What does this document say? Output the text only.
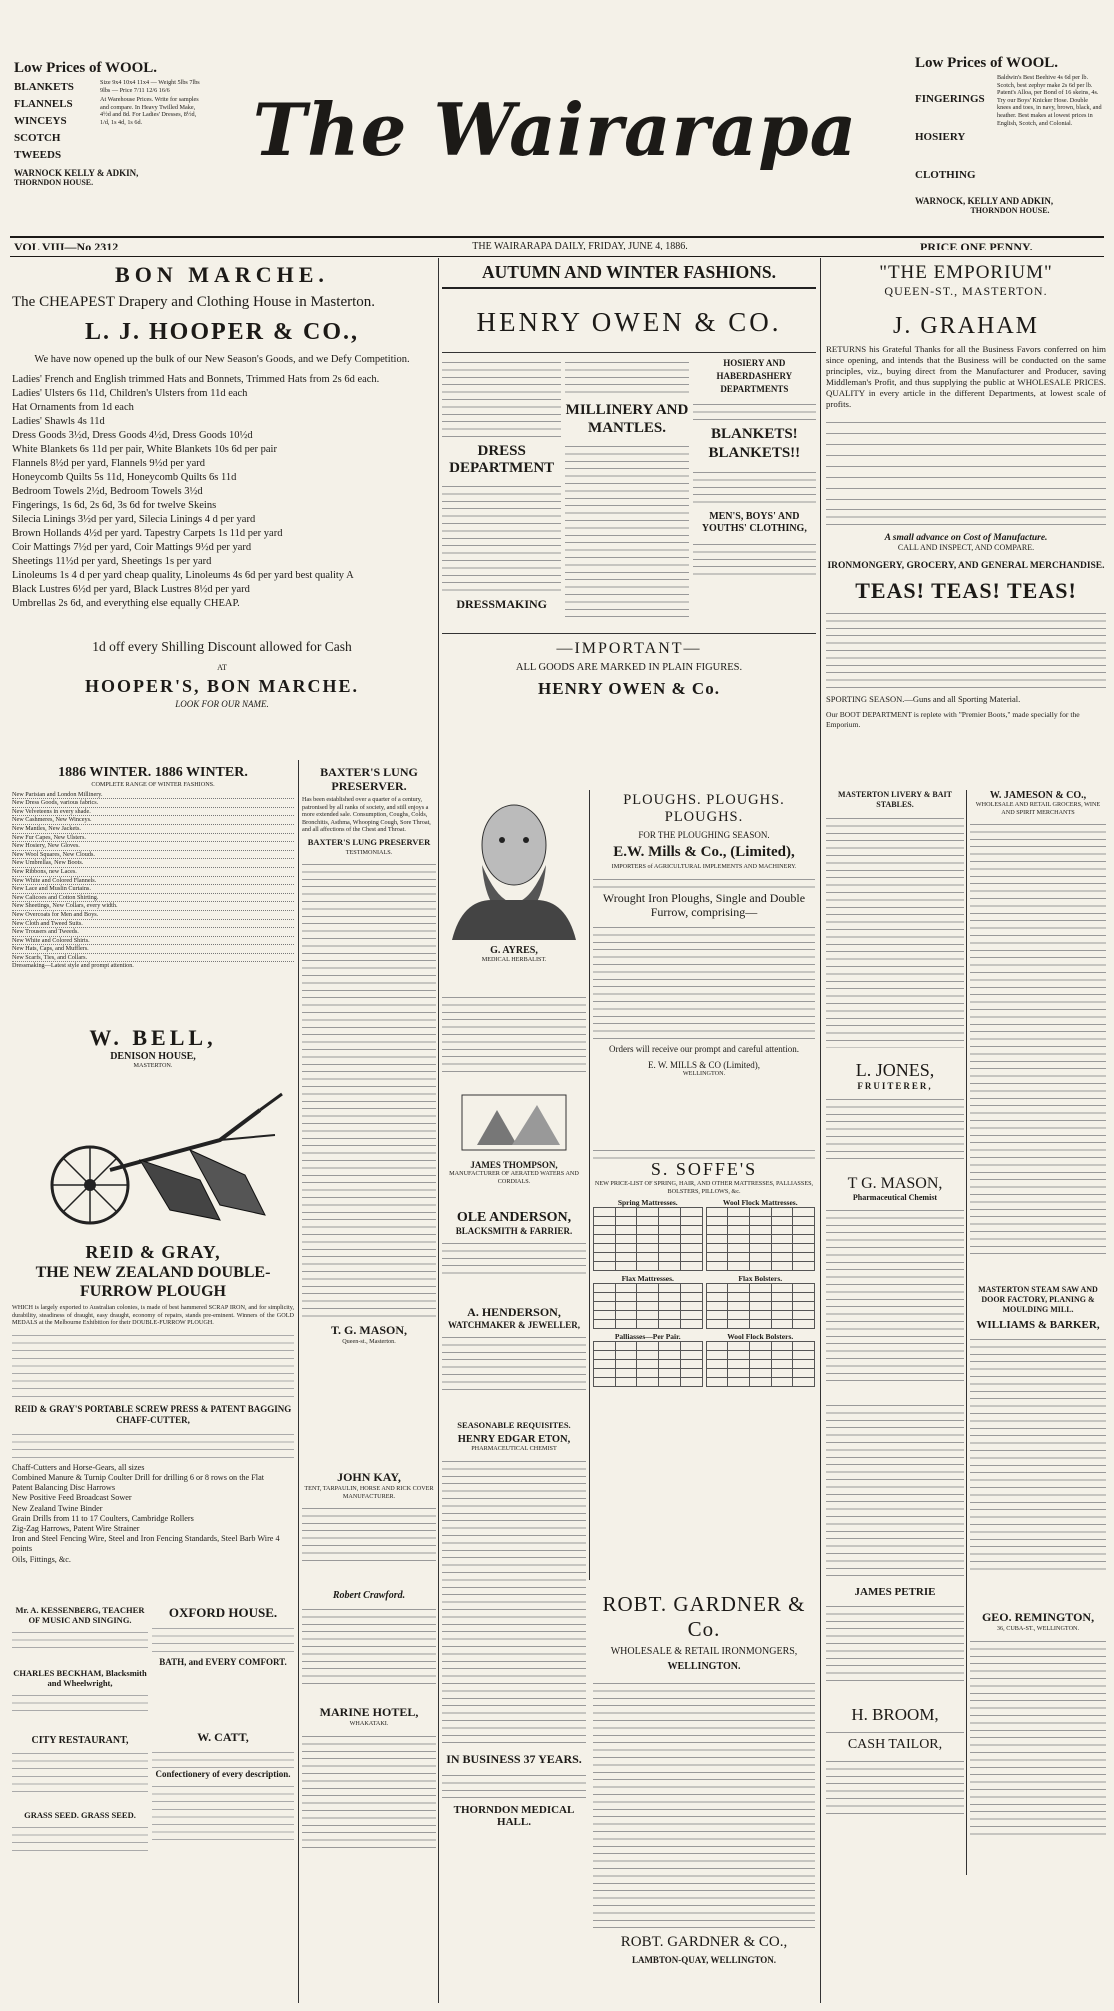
Low Prices of WOOL.
BLANKETS
FLANNELS
WINCEYS
SCOTCH TWEEDS
Size 9x4 10x4 11x4 — Weight 5lbs 7lbs 9lbs — Price 7/11 12/6 16/6
At Warehouse Prices. Write for samples and compare. In Heavy Twilled Make, 4½d and 8d. For Ladies' Dresses, 8½d, 1/d, 1s 4d, 1s 6d.
WARNOCK KELLY & ADKIN,
THORNDON HOUSE.
The Wairarapa
Low Prices of WOOL.
FINGERINGS
HOSIERY
CLOTHING
Baldwin's Best Beehive 4s 6d per lb. Scotch, best zephyr make 2s 6d per lb. Patent's Alloa, per Bond of 16 skeins, 4s. Try our Boys' Knicker Hose. Double knees and toes, in navy, brown, black, and heather. Best makes at lowest prices in English, Scotch, and Colonial.
WARNOCK, KELLY AND ADKIN,
THORNDON HOUSE.
VOL VIII—No 2312	THE WAIRARAPA DAILY, FRIDAY, JUNE 4, 1886.	PRICE ONE PENNY.
BON MARCHE.
The CHEAPEST Drapery and Clothing House in Masterton.
L. J. HOOPER & CO.,
We have now opened up the bulk of our New Season's Goods, and we Defy Competition.
Ladies' French and English trimmed Hats and Bonnets, Trimmed Hats from 2s 6d each.
Ladies' Ulsters 6s 11d, Children's Ulsters from 11d each
Hat Ornaments from 1d each
Ladies' Shawls 4s 11d
Dress Goods 3½d, Dress Goods 4½d, Dress Goods 10½d
White Blankets 6s 11d per pair, White Blankets 10s 6d per pair
Flannels 8½d per yard, Flannels 9½d per yard
Honeycomb Quilts 5s 11d, Honeycomb Quilts 6s 11d
Bedroom Towels 2½d, Bedroom Towels 3½d
Fingerings, 1s 6d, 2s 6d, 3s 6d for twelve Skeins
Silecia Linings 3½d per yard, Silecia Linings 4 d per yard
Brown Hollands 4½d per yard. Tapestry Carpets 1s 11d per yard
Coir Mattings 7½d per yard, Coir Mattings 9½d per yard
Sheetings 11½d per yard, Sheetings 1s per yard
Linoleums 1s 4 d per yard cheap quality, Linoleums 4s 6d per yard best quality A
Black Lustres 6½d per yard, Black Lustres 8½d per yard
Umbrellas 2s 6d, and everything else equally CHEAP.
1d off every Shilling Discount allowed for Cash
AT
HOOPER'S, BON MARCHE.
LOOK FOR OUR NAME.
1886 WINTER. 1886 WINTER.
COMPLETE RANGE OF WINTER FASHIONS.
New Parisian and London Millinery.
New Dress Goods, various fabrics.
New Velveteens in every shade.
New Cashmeres, New Winceys.
New Mantles, New Jackets.
New Fur Capes, New Ulsters.
New Hosiery, New Gloves.
New Wool Squares, New Clouds.
New Umbrellas, New Boots.
New Ribbons, new Laces.
New White and Colored Flannels.
New Lace and Muslin Curtains.
New Calicoes and Cotton Shirting.
New Sheetings, New Collars, every width.
New Overcoats for Men and Boys.
New Cloth and Tweed Suits.
New Trousers and Tweeds.
New White and Colored Shirts.
New Hats, Caps, and Mufflers.
New Scarfs, Ties, and Collars.
Dressmaking—Latest style and prompt attention.
W. BELL,
DENISON HOUSE,
MASTERTON.
REID & GRAY,
THE NEW ZEALAND DOUBLE-FURROW PLOUGH
WHICH is largely exported to Australian colonies, is made of best hammered SCRAP IRON, and for simplicity, durability, steadiness of draught, easy draught, economy of repairs, stands pre-eminent. Winners of the GOLD MEDALS at the Melbourne Exhibition for their DOUBLE-FURROW PLOUGH.
REID & GRAY'S PORTABLE SCREW PRESS & PATENT BAGGING CHAFF-CUTTER,
Chaff-Cutters and Horse-Gears, all sizes
Combined Manure & Turnip Coulter Drill for drilling 6 or 8 rows on the Flat
Patent Balancing Disc Harrows
New Positive Feed Broadcast Sower
New Zealand Twine Binder
Grain Drills from 11 to 17 Coulters, Cambridge Rollers
Zig-Zag Harrows, Patent Wire Strainer
Iron and Steel Fencing Wire, Steel and Iron Fencing Standards, Steel Barb Wire 4 points
Oils, Fittings, &c.
Mr. A. KESSENBERG, TEACHER OF MUSIC AND SINGING.
CHARLES BECKHAM, Blacksmith and Wheelwright,
CITY RESTAURANT,
GRASS SEED. GRASS SEED.
OXFORD HOUSE.
BATH, and EVERY COMFORT.
W. CATT,
Confectionery of every description.
BAXTER'S LUNG PRESERVER.
Has been established over a quarter of a century, patronised by all ranks of society, and still enjoys a more extended sale. Consumption, Coughs, Colds, Bronchitis, Asthma, Whooping Cough, Sore Throat, and all affections of the Chest and Throat.
BAXTER'S LUNG PRESERVER
TESTIMONIALS.
T. G. MASON,
Queen-st., Masterton.
JOHN KAY,
TENT, TARPAULIN, HORSE AND RICK COVER MANUFACTURER.
Robert Crawford.
MARINE HOTEL,
WHAKATAKI.
AUTUMN AND WINTER FASHIONS.
HENRY OWEN & CO.
DRESS DEPARTMENT
DRESSMAKING
MILLINERY AND MANTLES.
HOSIERY AND HABERDASHERY DEPARTMENTS
BLANKETS! BLANKETS!!
MEN'S, BOYS' AND YOUTHS' CLOTHING,
—IMPORTANT—
ALL GOODS ARE MARKED IN PLAIN FIGURES.
HENRY OWEN & Co.
G. AYRES,
MEDICAL HERBALIST.
JAMES THOMPSON,
MANUFACTURER OF AERATED WATERS AND CORDIALS.
OLE ANDERSON,
BLACKSMITH & FARRIER.
A. HENDERSON,
WATCHMAKER & JEWELLER,
SEASONABLE REQUISITES.
HENRY EDGAR ETON,
PHARMACEUTICAL CHEMIST
IN BUSINESS 37 YEARS.
THORNDON MEDICAL HALL.
PLOUGHS. PLOUGHS. PLOUGHS.
FOR THE PLOUGHING SEASON.
E.W. Mills & Co., (Limited),
IMPORTERS of AGRICULTURAL IMPLEMENTS AND MACHINERY.
Wrought Iron Ploughs, Single and Double Furrow, comprising—
Orders will receive our prompt and careful attention.
E. W. MILLS & CO (Limited),
WELLINGTON.
S. SOFFE'S
NEW PRICE-LIST OF SPRING, HAIR, AND OTHER MATTRESSES, PALLIASSES, BOLSTERS, PILLOWS, &c.
Spring Mattresses.

					Wool Flock Mattresses.

Flax Mattresses.

					Flax Bolsters.

Palliasses—Per Pair.

					Wool Flock Bolsters.

ROBT. GARDNER & Co.
WHOLESALE & RETAIL IRONMONGERS,
WELLINGTON.
ROBT. GARDNER & CO.,
LAMBTON-QUAY, WELLINGTON.
"THE EMPORIUM"
QUEEN-ST., MASTERTON.
J. GRAHAM
RETURNS his Grateful Thanks for all the Business Favors conferred on him since opening, and intends that the Business will be conducted on the same principles, viz., buying direct from the Manufacturer and Producer, saving Middleman's Profit, and thus supplying the public at WHOLESALE PRICES. QUALITY in every article in the different Departments, at lowest scale of profits.
A small advance on Cost of Manufacture.
CALL AND INSPECT, AND COMPARE.
IRONMONGERY, GROCERY, AND GENERAL MERCHANDISE.
TEAS! TEAS! TEAS!
SPORTING SEASON.—Guns and all Sporting Material.
Our BOOT DEPARTMENT is replete with "Premier Boots," made specially for the Emporium.
MASTERTON LIVERY & BAIT STABLES.
L. JONES,
FRUITERER,
T G. MASON,
Pharmaceutical Chemist
JAMES PETRIE
H. BROOM,
CASH TAILOR,
W. JAMESON & CO.,
WHOLESALE AND RETAIL GROCERS, WINE AND SPIRIT MERCHANTS
MASTERTON STEAM SAW AND DOOR FACTORY, PLANING & MOULDING MILL.
WILLIAMS & BARKER,
GEO. REMINGTON,
36, CUBA-ST., WELLINGTON.
